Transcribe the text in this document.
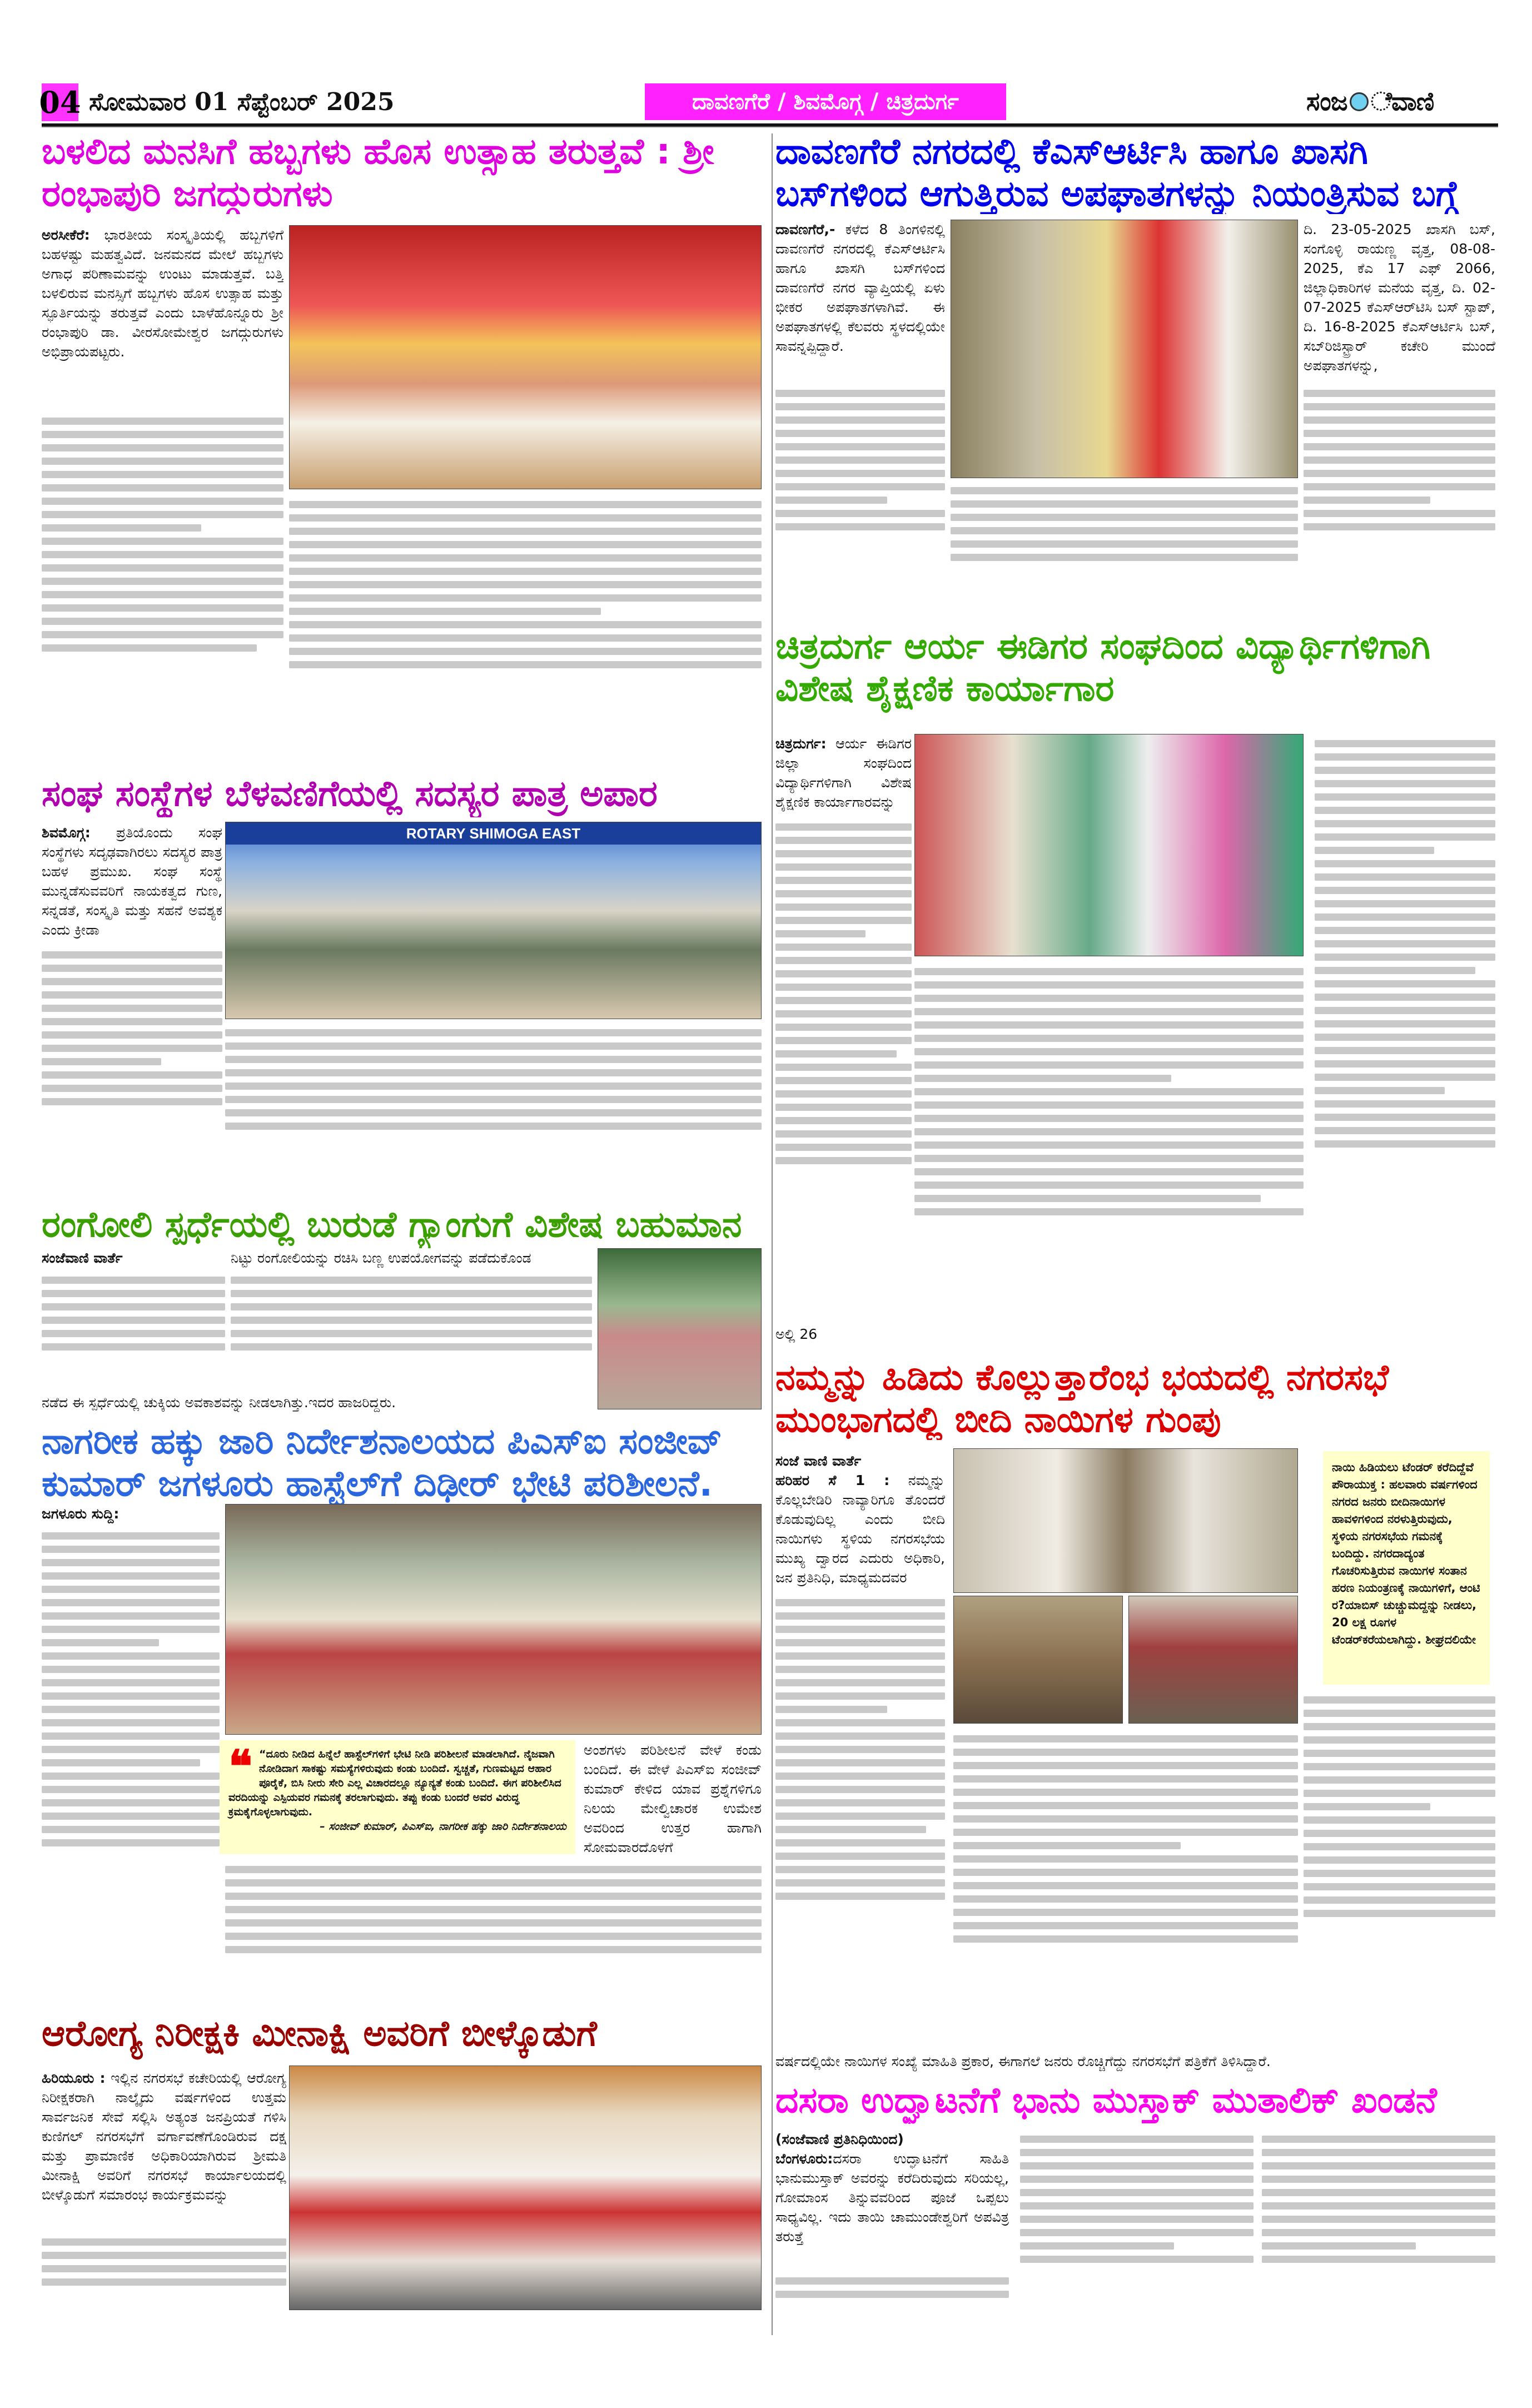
04 ಸೋಮವಾರ 01 ಸೆಪ್ಟೆಂಬರ್ 2025	ದಾವಣಗೆರೆ / ಶಿವಮೊಗ್ಗ / ಚಿತ್ರದುರ್ಗ	ಸಂಜ ೆವಾಣಿ
ಬಳಲಿದ ಮನಸಿಗೆ ಹಬ್ಬಗಳು ಹೊಸ ಉತ್ಸಾಹ ತರುತ್ತವೆ : ಶ್ರೀ ರಂಭಾಪುರಿ ಜಗದ್ಗುರುಗಳು
ಅರಸೀಕೆರೆ: ಭಾರತೀಯ ಸಂಸ್ಕೃತಿಯಲ್ಲಿ ಹಬ್ಬಗಳಿಗೆ ಬಹಳಷ್ಟು ಮಹತ್ವವಿದೆ. ಜನಮನದ ಮೇಲೆ ಹಬ್ಬಗಳು ಅಗಾಧ ಪರಿಣಾಮವನ್ನು ಉಂಟು ಮಾಡುತ್ತವೆ. ಬತ್ತಿ ಬಳಲಿರುವ ಮನಸ್ಸಿಗೆ ಹಬ್ಬಗಳು ಹೊಸ ಉತ್ಸಾಹ ಮತ್ತು ಸ್ಫೂರ್ತಿಯನ್ನು ತರುತ್ತವೆ ಎಂದು ಬಾಳೆಹೊನ್ನೂರು ಶ್ರೀ ರಂಭಾಪುರಿ ಡಾ. ವೀರಸೋಮೇಶ್ವರ ಜಗದ್ಗುರುಗಳು ಅಭಿಪ್ರಾಯಪಟ್ಟರು.
ಸಂಘ ಸಂಸ್ಥೆಗಳ ಬೆಳವಣಿಗೆಯಲ್ಲಿ ಸದಸ್ಯರ ಪಾತ್ರ ಅಪಾರ
ಶಿವಮೊಗ್ಗ: ಪ್ರತಿಯೊಂದು ಸಂಘ ಸಂಸ್ಥೆಗಳು ಸದೃಢವಾಗಿರಲು ಸದಸ್ಯರ ಪಾತ್ರ ಬಹಳ ಪ್ರಮುಖ. ಸಂಘ ಸಂಸ್ಥೆ ಮುನ್ನಡೆಸುವವರಿಗೆ ನಾಯಕತ್ವದ ಗುಣ, ಸನ್ನಡತೆ, ಸಂಸ್ಕೃತಿ ಮತ್ತು ಸಹನೆ ಅವಶ್ಯಕ ಎಂದು ಕ್ರೀಡಾ
ROTARY SHIMOGA EAST
ರಂಗೋಲಿ ಸ್ಪರ್ಧೆಯಲ್ಲಿ ಬುರುಡೆ ಗ್ಯಾಂಗುಗೆ ವಿಶೇಷ ಬಹುಮಾನ
ಸಂಜೆವಾಣಿ ವಾರ್ತೆ	ನಿಟ್ಟು ರಂಗೋಲಿಯನ್ನು ರಚಿಸಿ ಬಣ್ಣ ಉಪಯೋಗವನ್ನು ಪಡೆದುಕೊಂಡ
ನಡೆದ ಈ ಸ್ಪರ್ಧೆಯಲ್ಲಿ ಚುಕ್ಕಿಯ ಅವಕಾಶವನ್ನು ನೀಡಲಾಗಿತ್ತು.ಇದರ ಹಾಜರಿದ್ದರು.
ನಾಗರೀಕ ಹಕ್ಕು ಜಾರಿ ನಿರ್ದೇಶನಾಲಯದ ಪಿಎಸ್ಐ ಸಂಜೀವ್ ಕುಮಾರ್ ಜಗಳೂರು ಹಾಸ್ಟೆಲ್‌ಗೆ ದಿಢೀರ್ ಭೇಟಿ ಪರಿಶೀಲನೆ.
ಜಗಳೂರು ಸುದ್ದಿ:
❝ “ದೂರು ನೀಡಿದ ಹಿನ್ನೆಲೆ ಹಾಸ್ಟೆಲ್‌ಗಳಿಗೆ ಭೇಟಿ ನೀಡಿ ಪರಿಶೀಲನೆ ಮಾಡಲಾಗಿದೆ. ನೈಜವಾಗಿ ನೋಡಿದಾಗ ಸಾಕಷ್ಟು ಸಮಸ್ಯೆಗಳಿರುವುದು ಕಂಡು ಬಂದಿದೆ. ಸ್ವಚ್ಚತೆ, ಗುಣಮಟ್ಟದ ಆಹಾರ ಪೂರೈಕೆ, ಬಿಸಿ ನೀರು ಸೇರಿ ಎಲ್ಲ ವಿಚಾರದಲ್ಲೂ ನ್ಯೂನ್ಯತೆ ಕಂಡು ಬಂದಿದೆ. ಈಗ ಪರಿಶೀಲಿಸಿದ ವರದಿಯನ್ನು ಎಸ್ಪಿಯವರ ಗಮನಕ್ಕೆ ತರಲಾಗುವುದು. ತಪ್ಪು ಕಂಡು ಬಂದರೆ ಅವರ ವಿರುದ್ಧ ಕ್ರಮಕೈಗೊಳ್ಳಲಾಗುವುದು.
– ಸಂಜೀವ್ ಕುಮಾರ್, ಪಿಎಸ್ಐ, ನಾಗರೀಕ ಹಕ್ಕು ಜಾರಿ ನಿರ್ದೇಶನಾಲಯ
ಅಂಶಗಳು ಪರಿಶೀಲನೆ ವೇಳೆ ಕಂಡು ಬಂದಿದೆ. ಈ ವೇಳೆ ಪಿಎಸ್ಐ ಸಂಜೀವ್ ಕುಮಾರ್ ಕೇಳಿದ ಯಾವ ಪ್ರಶ್ನೆಗಳಿಗೂ ನಿಲಯ ಮೇಲ್ವಿಚಾರಕ ಉಮೇಶ ಅವರಿಂದ ಉತ್ತರ ಹಾಗಾಗಿ ಸೋಮವಾರದೊಳಗೆ
ಆರೋಗ್ಯ ನಿರೀಕ್ಷಕಿ ಮೀನಾಕ್ಷಿ ಅವರಿಗೆ ಬೀಳ್ಕೊಡುಗೆ
ಹಿರಿಯೂರು : ಇಲ್ಲಿನ ನಗರಸಭೆ ಕಚೇರಿಯಲ್ಲಿ ಆರೋಗ್ಯ ನಿರೀಕ್ಷಕರಾಗಿ ನಾಲ್ಕೈದು ವರ್ಷಗಳಿಂದ ಉತ್ತಮ ಸಾರ್ವಜನಿಕ ಸೇವೆ ಸಲ್ಲಿಸಿ ಅತ್ಯಂತ ಜನಪ್ರಿಯತೆ ಗಳಿಸಿ ಕುಣಿಗಲ್ ನಗರಸಭೆಗೆ ವರ್ಗಾವಣೆಗೊಂಡಿರುವ ದಕ್ಷ ಮತ್ತು ಪ್ರಾಮಾಣಿಕ ಅಧಿಕಾರಿಯಾಗಿರುವ ಶ್ರೀಮತಿ ಮೀನಾಕ್ಷಿ ಅವರಿಗೆ ನಗರಸಭೆ ಕಾರ್ಯಾಲಯದಲ್ಲಿ ಬೀಳ್ಕೊಡುಗೆ ಸಮಾರಂಭ ಕಾರ್ಯಕ್ರಮವನ್ನು
ದಾವಣಗೆರೆ ನಗರದಲ್ಲಿ ಕೆಎಸ್ಆರ್ಟಿಸಿ ಹಾಗೂ ಖಾಸಗಿ ಬಸ್‌ಗಳಿಂದ ಆಗುತ್ತಿರುವ ಅಪಘಾತಗಳನ್ನು ನಿಯಂತ್ರಿಸುವ ಬಗ್ಗೆ
ದಾವಣಗೆರೆ,- ಕಳೆದ 8 ತಿಂಗಳಿನಲ್ಲಿ ದಾವಣಗೆರೆ ನಗರದಲ್ಲಿ ಕೆಎಸ್ಆರ್ಟಿಸಿ ಹಾಗೂ ಖಾಸಗಿ ಬಸ್‌ಗಳಿಂದ ದಾವಣಗೆರೆ ನಗರ ವ್ಯಾಪ್ತಿಯಲ್ಲಿ ಏಳು ಭೀಕರ ಅಪಘಾತಗಳಾಗಿವೆ. ಈ ಅಪಘಾತಗಳಲ್ಲಿ ಕೆಲವರು ಸ್ಥಳದಲ್ಲಿಯೇ ಸಾವನ್ನಪ್ಪಿದ್ದಾರೆ.
ದಿ. 23-05-2025 ಖಾಸಗಿ ಬಸ್, ಸಂಗೊಳ್ಳಿ ರಾಯಣ್ಣ ವೃತ್ತ, 08-08-2025, ಕೆಎ 17 ಎಫ್ 2066, ಜಿಲ್ಲಾಧಿಕಾರಿಗಳ ಮನೆಯ ವೃತ್ತ, ದಿ. 02-07-2025 ಕೆಎಸ್‌ಆರ್‌ಟಿಸಿ ಬಸ್ ಸ್ಟಾಪ್, ದಿ. 16-8-2025 ಕೆಎಸ್ಆರ್ಟಿಸಿ ಬಸ್, ಸಬ್‌ರಿಜಿಸ್ಟ್ರಾರ್ ಕಚೇರಿ ಮುಂದೆ ಅಪಘಾತಗಳನ್ನು,
ಚಿತ್ರದುರ್ಗ ಆರ್ಯ ಈಡಿಗರ ಸಂಘದಿಂದ ವಿದ್ಯಾರ್ಥಿಗಳಿಗಾಗಿ ವಿಶೇಷ ಶೈಕ್ಷಣಿಕ ಕಾರ್ಯಾಗಾರ
ಚಿತ್ರದುರ್ಗ: ಆರ್ಯ ಈಡಿಗರ ಜಿಲ್ಲಾ ಸಂಘದಿಂದ ವಿದ್ಯಾರ್ಥಿಗಳಿಗಾಗಿ ವಿಶೇಷ ಶೈಕ್ಷಣಿಕ ಕಾರ್ಯಾಗಾರವನ್ನು
ಅಲ್ಲಿ 26
ನಮ್ಮನ್ನು ಹಿಡಿದು ಕೊಲ್ಲುತ್ತಾರೆಂಭ ಭಯದಲ್ಲಿ ನಗರಸಭೆ ಮುಂಭಾಗದಲ್ಲಿ ಬೀದಿ ನಾಯಿಗಳ ಗುಂಪು
ಸಂಜೆ ವಾಣಿ ವಾರ್ತೆ
ಹರಿಹರ ಸೆ 1 : ನಮ್ಮನ್ನು ಕೊಲ್ಲಬೇಡಿರಿ ನಾವ್ಯಾರಿಗೂ ತೊಂದರೆ ಕೊಡುವುದಿಲ್ಲ ಎಂದು ಬೀದಿ ನಾಯಿಗಳು ಸ್ಥಳಿಯ ನಗರಸಭೆಯ ಮುಖ್ಯ ದ್ವಾರದ ಎದುರು ಅಧಿಕಾರಿ, ಜನ ಪ್ರತಿನಿಧಿ, ಮಾಧ್ಯಮದವರ
ನಾಯಿ ಹಿಡಿಯಲು ಟೆಂಡರ್ ಕರೆದಿದ್ದೆವೆ ಪೌರಾಯುಕ್ತ : ಹಲವಾರು ವರ್ಷಗಳಿಂದ ನಗರದ ಜನರು ಬೀದಿನಾಯಿಗಳ ಹಾವಳಿಗಳಿಂದ ನರಳುತ್ತಿರುವುದು, ಸ್ಥಳಿಯ ನಗರಸಭೆಯ ಗಮನಕ್ಕೆ ಬಂದಿದ್ದು. ನಗರದಾದ್ಯಂತ ಗೊಚರಿಸುತ್ತಿರುವ ನಾಯಿಗಳ ಸಂತಾನ ಹರಣ ನಿಯಂತ್ರಣಕ್ಕೆ ನಾಯಿಗಳಿಗೆ, ಆಂಟಿ ರ?ಯಾಬಿಸ್ ಚುಚ್ಚುಮದ್ದನ್ನು ನೀಡಲು, 20 ಲಕ್ಷ ರೂಗಳ ಟೆಂಡರ್‌ಕರೆಯಲಾಗಿದ್ದು. ಶೀಘ್ರದಲಿಯೇ
ವರ್ಷದಲ್ಲಿಯೇ ನಾಯಿಗಳ ಸಂಖ್ಯೆ ಮಾಹಿತಿ ಪ್ರಕಾರ, ಈಗಾಗಲೆ ಜನರು ರೊಚ್ಚಿಗೆದ್ದು ನಗರಸಭೆಗೆ ಪತ್ರಿಕೆಗೆ ತಿಳಿಸಿದ್ದಾರೆ.
ದಸರಾ ಉದ್ಘಾಟನೆಗೆ ಭಾನು ಮುಸ್ತಾಕ್ ಮುತಾಲಿಕ್ ಖಂಡನೆ
(ಸಂಜೆವಾಣಿ ಪ್ರತಿನಿಧಿಯಿಂದ)
ಬೆಂಗಳೂರು:ದಸರಾ ಉದ್ಘಾಟನೆಗೆ ಸಾಹಿತಿ ಭಾನುಮುಸ್ತಾಕ್ ಅವರನ್ನು ಕರೆದಿರುವುದು ಸರಿಯಲ್ಲ, ಗೋಮಾಂಸ ತಿನ್ನುವವರಿಂದ ಪೂಜೆ ಒಪ್ಪಲು ಸಾಧ್ಯವಿಲ್ಲ. ಇದು ತಾಯಿ ಚಾಮುಂಡೇಶ್ವರಿಗೆ ಅಪವಿತ್ರ ತರುತ್ತೆ
